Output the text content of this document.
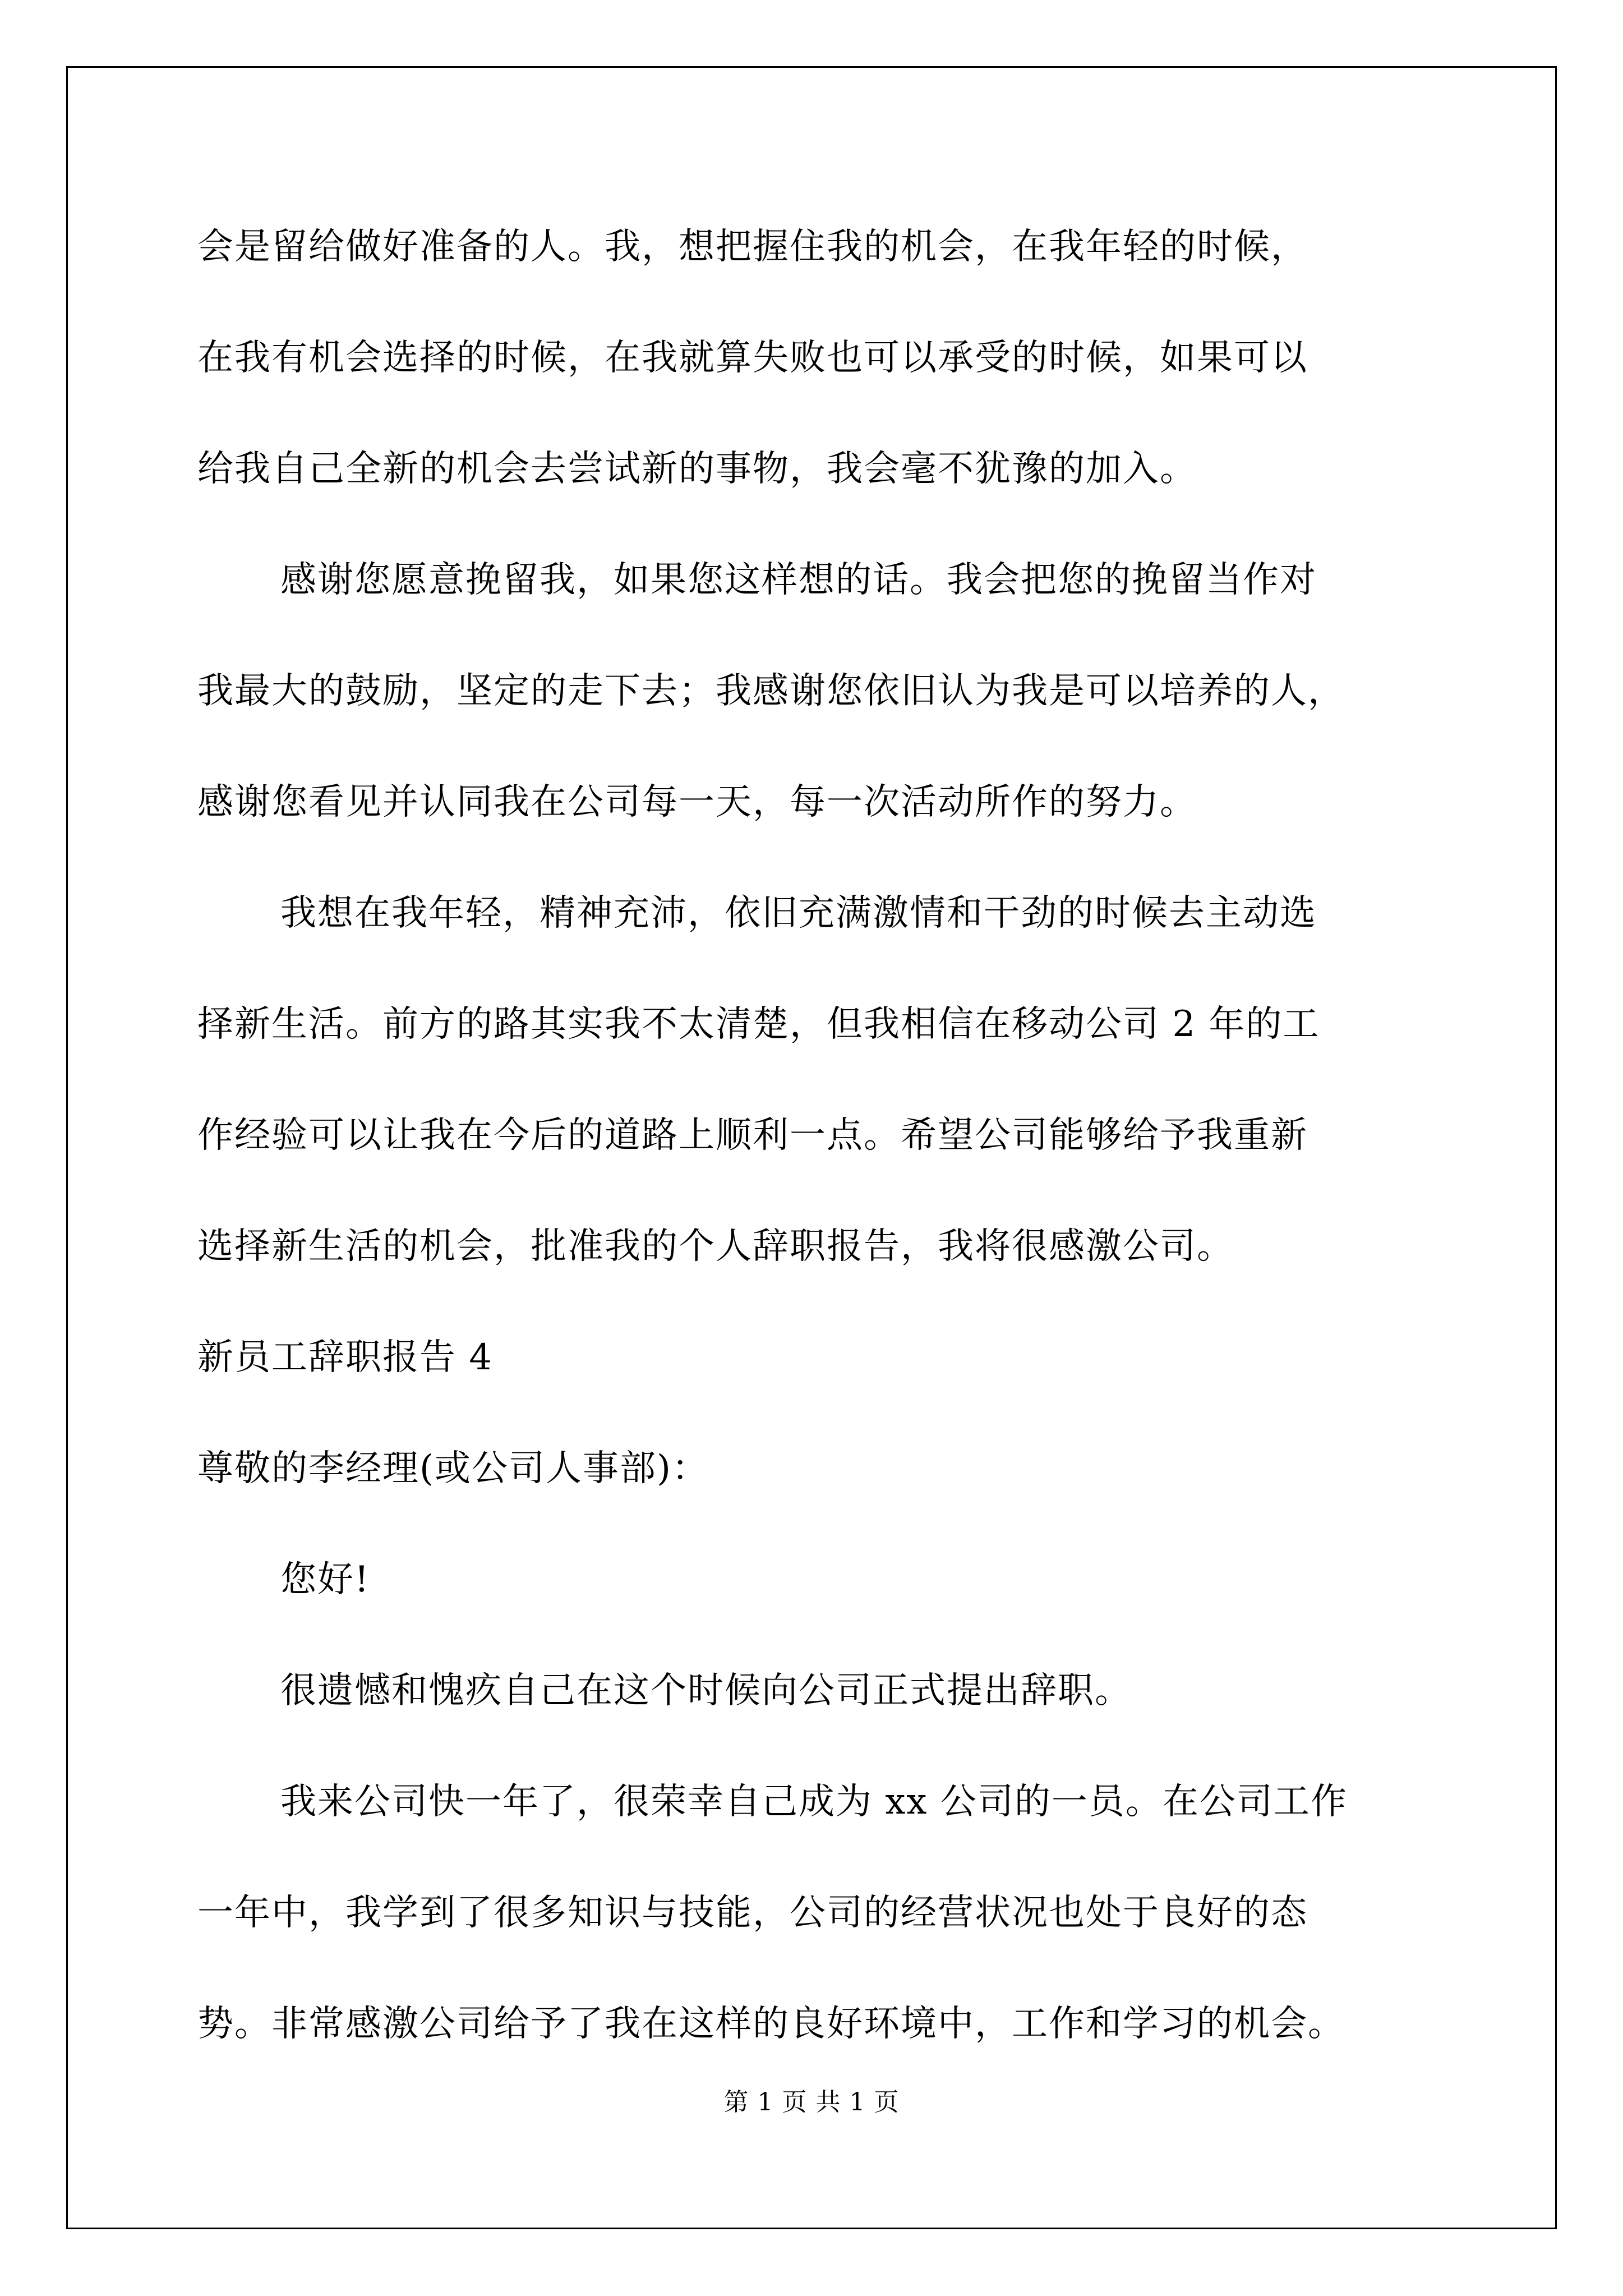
会是留给做好准备的人。我，想把握住我的机会，在我年轻的时候，
在我有机会选择的时候，在我就算失败也可以承受的时候，如果可以
给我自己全新的机会去尝试新的事物，我会毫不犹豫的加入。
感谢您愿意挽留我，如果您这样想的话。我会把您的挽留当作对
我最大的鼓励，坚定的走下去；我感谢您依旧认为我是可以培养的人，
感谢您看见并认同我在公司每一天，每一次活动所作的努力。
我想在我年轻，精神充沛，依旧充满激情和干劲的时候去主动选
择新生活。前方的路其实我不太清楚，但我相信在移动公司 2 年的工
作经验可以让我在今后的道路上顺利一点。希望公司能够给予我重新
选择新生活的机会，批准我的个人辞职报告，我将很感激公司。
新员工辞职报告 4
尊敬的李经理(或公司人事部)：
您好!
很遗憾和愧疚自己在这个时候向公司正式提出辞职。
我来公司快一年了，很荣幸自己成为 xx 公司的一员。在公司工作
一年中，我学到了很多知识与技能，公司的经营状况也处于良好的态
势。非常感激公司给予了我在这样的良好环境中，工作和学习的机会。
第 1 页 共 1 页
